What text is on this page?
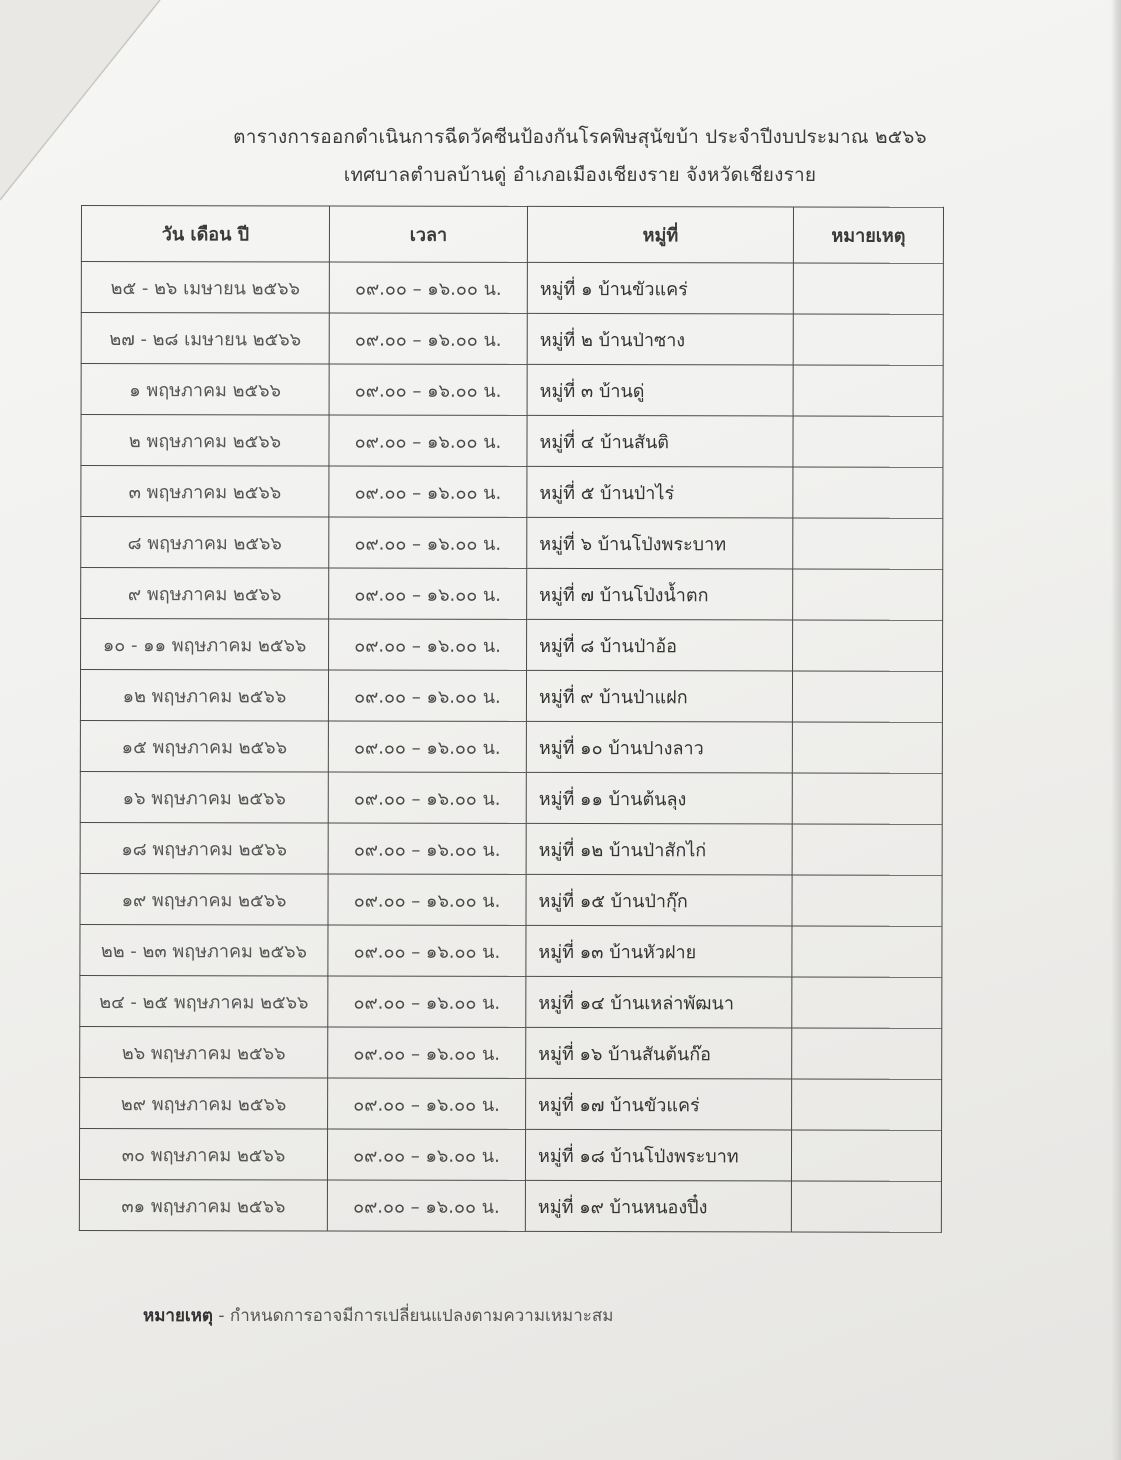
ตารางการออกดำเนินการฉีดวัคซีนป้องกันโรคพิษสุนัขบ้า ประจำปีงบประมาณ ๒๕๖๖
เทศบาลตำบลบ้านดู่ อำเภอเมืองเชียงราย จังหวัดเชียงราย
วัน เดือน ปี	เวลา	หมู่ที่	หมายเหตุ
๒๕ - ๒๖ เมษายน ๒๕๖๖	๐๙.๐๐ – ๑๖.๐๐ น.	หมู่ที่ ๑ บ้านขัวแคร่	
๒๗ - ๒๘ เมษายน ๒๕๖๖	๐๙.๐๐ – ๑๖.๐๐ น.	หมู่ที่ ๒ บ้านป่าซาง	
๑ พฤษภาคม ๒๕๖๖	๐๙.๐๐ – ๑๖.๐๐ น.	หมู่ที่ ๓ บ้านดู่	
๒ พฤษภาคม ๒๕๖๖	๐๙.๐๐ – ๑๖.๐๐ น.	หมู่ที่ ๔ บ้านสันติ	
๓ พฤษภาคม ๒๕๖๖	๐๙.๐๐ – ๑๖.๐๐ น.	หมู่ที่ ๕ บ้านป่าไร่	
๘ พฤษภาคม ๒๕๖๖	๐๙.๐๐ – ๑๖.๐๐ น.	หมู่ที่ ๖ บ้านโป่งพระบาท	
๙ พฤษภาคม ๒๕๖๖	๐๙.๐๐ – ๑๖.๐๐ น.	หมู่ที่ ๗ บ้านโป่งน้ำตก	
๑๐ - ๑๑ พฤษภาคม ๒๕๖๖	๐๙.๐๐ – ๑๖.๐๐ น.	หมู่ที่ ๘ บ้านป่าอ้อ	
๑๒ พฤษภาคม ๒๕๖๖	๐๙.๐๐ – ๑๖.๐๐ น.	หมู่ที่ ๙ บ้านป่าแฝก	
๑๕ พฤษภาคม ๒๕๖๖	๐๙.๐๐ – ๑๖.๐๐ น.	หมู่ที่ ๑๐ บ้านปางลาว	
๑๖ พฤษภาคม ๒๕๖๖	๐๙.๐๐ – ๑๖.๐๐ น.	หมู่ที่ ๑๑ บ้านต้นลุง	
๑๘ พฤษภาคม ๒๕๖๖	๐๙.๐๐ – ๑๖.๐๐ น.	หมู่ที่ ๑๒ บ้านป่าสักไก่	
๑๙ พฤษภาคม ๒๕๖๖	๐๙.๐๐ – ๑๖.๐๐ น.	หมู่ที่ ๑๕ บ้านป่ากุ๊ก	
๒๒ - ๒๓ พฤษภาคม ๒๕๖๖	๐๙.๐๐ – ๑๖.๐๐ น.	หมู่ที่ ๑๓ บ้านหัวฝาย	
๒๔ - ๒๕ พฤษภาคม ๒๕๖๖	๐๙.๐๐ – ๑๖.๐๐ น.	หมู่ที่ ๑๔ บ้านเหล่าพัฒนา	
๒๖ พฤษภาคม ๒๕๖๖	๐๙.๐๐ – ๑๖.๐๐ น.	หมู่ที่ ๑๖ บ้านสันต้นก๊อ	
๒๙ พฤษภาคม ๒๕๖๖	๐๙.๐๐ – ๑๖.๐๐ น.	หมู่ที่ ๑๗ บ้านขัวแคร่	
๓๐ พฤษภาคม ๒๕๖๖	๐๙.๐๐ – ๑๖.๐๐ น.	หมู่ที่ ๑๘ บ้านโป่งพระบาท	
๓๑ พฤษภาคม ๒๕๖๖	๐๙.๐๐ – ๑๖.๐๐ น.	หมู่ที่ ๑๙ บ้านหนองปึ๋ง	
หมายเหตุ - กำหนดการอาจมีการเปลี่ยนแปลงตามความเหมาะสม
